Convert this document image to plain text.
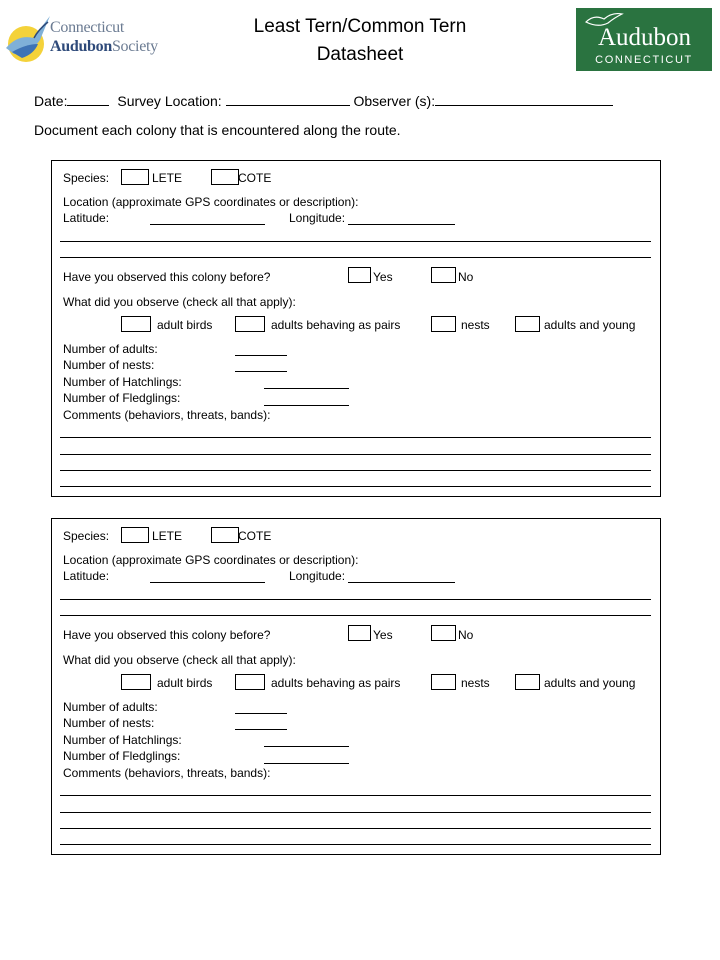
Connecticut
AudubonSociety
Least Tern/Common Tern
Datasheet
Audubon
CONNECTICUT
Date:	Survey Location:	Observer (s):
Document each colony that is encountered along the route.
Species:	LETE	COTE
Location (approximate GPS coordinates or description):
Latitude:	Longitude:
Have you observed this colony before?	Yes	No
What did you observe (check all that apply):
adult birds	adults behaving as pairs	nests	adults and young
Number of adults:
Number of nests:
Number of Hatchlings:
Number of Fledglings:
Comments (behaviors, threats, bands):
Species:	LETE	COTE
Location (approximate GPS coordinates or description):
Latitude:	Longitude:
Have you observed this colony before?	Yes	No
What did you observe (check all that apply):
adult birds	adults behaving as pairs	nests	adults and young
Number of adults:
Number of nests:
Number of Hatchlings:
Number of Fledglings:
Comments (behaviors, threats, bands):
